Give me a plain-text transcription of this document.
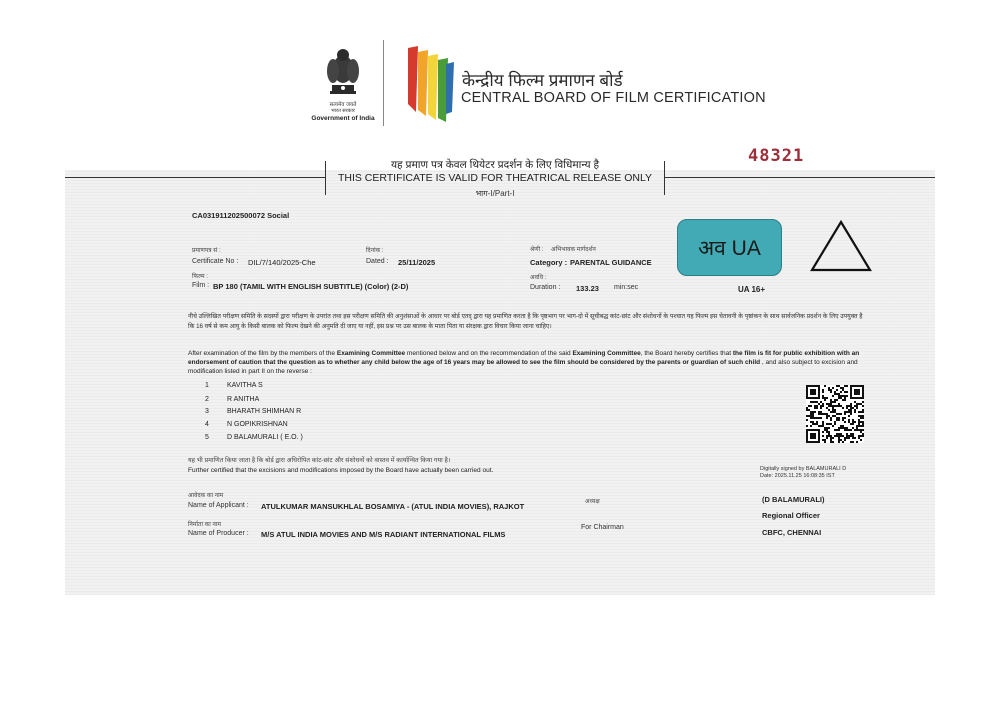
सत्यमेव जयते
भारत सरकार
Government of India
केन्द्रीय फिल्म प्रमाणन बोर्ड
CENTRAL BOARD OF FILM CERTIFICATION
यह प्रमाण पत्र केवल थियेटर प्रदर्शन के लिए विधिमान्य है
THIS CERTIFICATE IS VALID FOR THEATRICAL RELEASE ONLY
भाग-I/Part-I
48321
CA031911202500072 Social
प्रमाणपत्र सं :
Certificate No : DIL/7/140/2025-Che
दिनांक :
Dated : 25/11/2025
श्रेणी : अभिभावक मार्गदर्शन
Category : PARENTAL GUIDANCE
अवधि :
Duration : 133.23 min:sec
फिल्म :
Film : BP 180 (TAMIL WITH ENGLISH SUBTITLE) (Color) (2-D)
अव UA
UA 16+
नीचे उल्लिखित परीक्षण समिति के सदस्यों द्वारा परीक्षण के उपरांत तथा इस परीक्षण समिति की अनुशंसाओं के आधार पर बोर्ड एतद् द्वारा यह प्रमाणित करता है कि पृष्ठभाग पर भाग-दो में सूचीबद्ध कांट-छांट और संशोधनों के पश्चात यह फिल्म इस चेतावनी के पृष्ठांकन के साथ सार्वजनिक प्रदर्शन के लिए उपयुक्त है कि 16 वर्ष से कम आयु के किसी बालक को फिल्म देखने की अनुमति दी जाए या नहीं, इस प्रश्न पर उस बालक के माता पिता या संरक्षक द्वारा विचार किया जाना चाहिए।
After examination of the film by the members of the Examining Committee mentioned below and on the recommendation of the said Examining Committee, the Board hereby certifies that the film is fit for public exhibition with an endorsement of caution that the question as to whether any child below the age of 16 years may be allowed to see the film should be considered by the parents or guardian of such child , and also subject to excision and modification listed in part II on the reverse :
1	KAVITHA S
2	R ANITHA
3	BHARATH SHIMHAN R
4	N GOPIKRISHNAN
5	D BALAMURALI ( E.O. )
यह भी प्रमाणित किया जाता है कि बोर्ड द्वारा अधिरोपित कांट-छांट और संशोधनों को वास्तव में कार्यान्वित किया गया है।
Further certified that the excisions and modifications imposed by the Board have actually been carried out.	Digitally signed by BALAMURALI D
Date: 2025.11.25 16:08:35 IST
आवेदक का नाम
Name of Applicant : ATULKUMAR MANSUKHLAL BOSAMIYA - (ATUL INDIA MOVIES), RAJKOT
निर्माता का नाम
Name of Producer : M/S ATUL INDIA MOVIES AND M/S RADIANT INTERNATIONAL FILMS
अध्यक्ष
For Chairman
(D BALAMURALI)
Regional Officer
CBFC, CHENNAI
